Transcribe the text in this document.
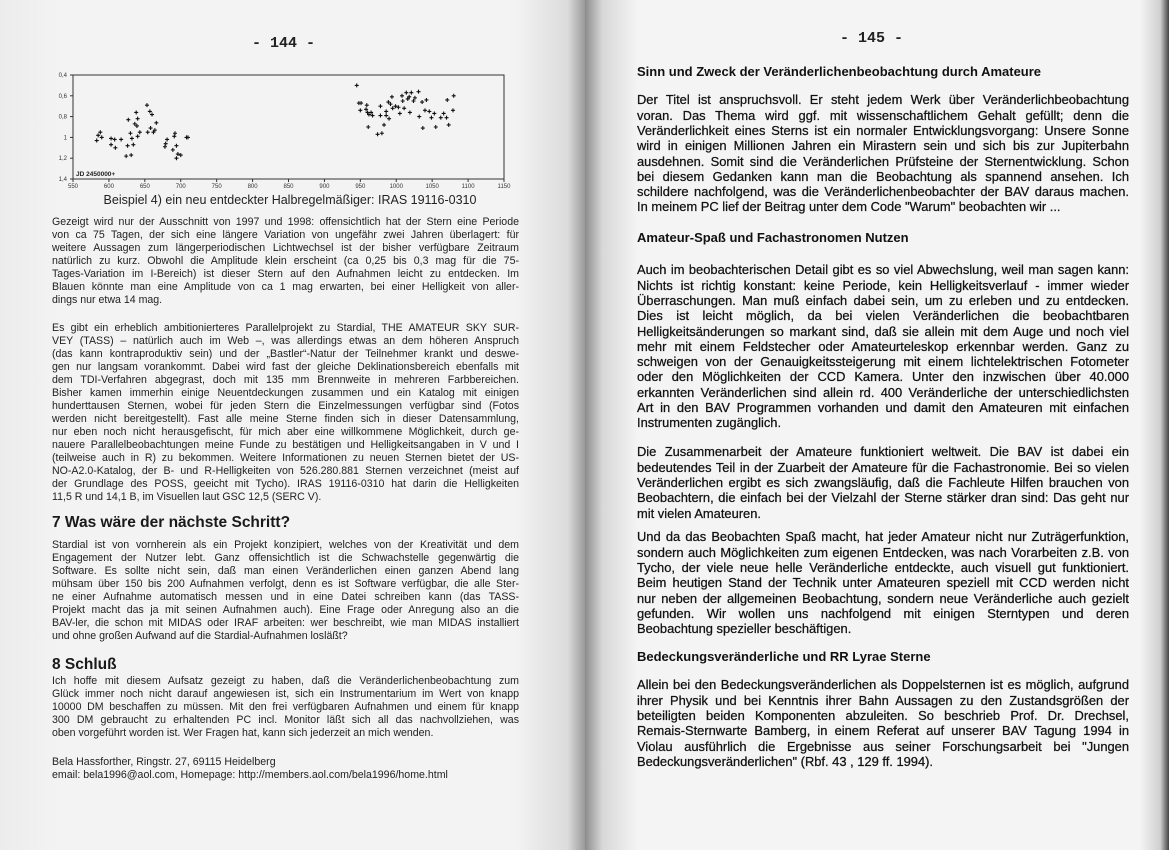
- 144 -	- 145 -
550	600	650	700	750	800	850	900	950	1000	1050	1100	1150
0,4
0,6
0,8
1
1,2
1,4
JD 2450000+
Beispiel 4) ein neu entdeckter Halbregelmäßiger: IRAS 19116-0310
Gezeigt wird nur der Ausschnitt von 1997 und 1998: offensichtlich hat der Stern eine Periode
von ca 75 Tagen, der sich eine längere Variation von ungefähr zwei Jahren überlagert: für
weitere Aussagen zum längerperiodischen Lichtwechsel ist der bisher verfügbare Zeitraum
natürlich zu kurz. Obwohl die Amplitude klein erscheint (ca 0,25 bis 0,3 mag für die 75-
Tages-Variation im I-Bereich) ist dieser Stern auf den Aufnahmen leicht zu entdecken. Im
Blauen könnte man eine Amplitude von ca 1 mag erwarten, bei einer Helligkeit von aller-
dings nur etwa 14 mag.
Es gibt ein erheblich ambitionierteres Parallelprojekt zu Stardial, THE AMATEUR SKY SUR-
VEY (TASS) – natürlich auch im Web –, was allerdings etwas an dem höheren Anspruch
(das kann kontraproduktiv sein) und der „Bastler“-Natur der Teilnehmer krankt und deswe-
gen nur langsam vorankommt. Dabei wird fast der gleiche Deklinationsbereich ebenfalls mit
dem TDI-Verfahren abgegrast, doch mit 135 mm Brennweite in mehreren Farbbereichen.
Bisher kamen immerhin einige Neuentdeckungen zusammen und ein Katalog mit einigen
hunderttausen Sternen, wobei für jeden Stern die Einzelmessungen verfügbar sind (Fotos
werden nicht bereitgestellt). Fast alle meine Sterne finden sich in dieser Datensammlung,
nur eben noch nicht herausgefischt, für mich aber eine willkommene Möglichkeit, durch ge-
nauere Parallelbeobachtungen meine Funde zu bestätigen und Helligkeitsangaben in V und I
(teilweise auch in R) zu bekommen. Weitere Informationen zu neuen Sternen bietet der US-
NO-A2.0-Katalog, der B- und R-Helligkeiten von 526.280.881 Sternen verzeichnet (meist auf
der Grundlage des POSS, geeicht mit Tycho). IRAS 19116-0310 hat darin die Helligkeiten
11,5 R und 14,1 B, im Visuellen laut GSC 12,5 (SERC V).
7 Was wäre der nächste Schritt?
Stardial ist von vornherein als ein Projekt konzipiert, welches von der Kreativität und dem
Engagement der Nutzer lebt. Ganz offensichtlich ist die Schwachstelle gegenwärtig die
Software. Es sollte nicht sein, daß man einen Veränderlichen einen ganzen Abend lang
mühsam über 150 bis 200 Aufnahmen verfolgt, denn es ist Software verfügbar, die alle Ster-
ne einer Aufnahme automatisch messen und in eine Datei schreiben kann (das TASS-
Projekt macht das ja mit seinen Aufnahmen auch). Eine Frage oder Anregung also an die
BAV-ler, die schon mit MIDAS oder IRAF arbeiten: wer beschreibt, wie man MIDAS installiert
und ohne großen Aufwand auf die Stardial-Aufnahmen losläßt?
8 Schluß
Ich hoffe mit diesem Aufsatz gezeigt zu haben, daß die Veränderlichenbeobachtung zum
Glück immer noch nicht darauf angewiesen ist, sich ein Instrumentarium im Wert von knapp
10000 DM beschaffen zu müssen. Mit den frei verfügbaren Aufnahmen und einem für knapp
300 DM gebraucht zu erhaltenden PC incl. Monitor läßt sich all das nachvollziehen, was
oben vorgeführt worden ist. Wer Fragen hat, kann sich jederzeit an mich wenden.
Bela Hassforther, Ringstr. 27, 69115 Heidelberg
email: bela1996@aol.com, Homepage: http://members.aol.com/bela1996/home.html
Sinn und Zweck der Veränderlichenbeobachtung durch Amateure
Der Titel ist anspruchsvoll. Er steht jedem Werk über Veränderlichbeobachtung
voran. Das Thema wird ggf. mit wissenschaftlichem Gehalt gefüllt; denn die
Veränderlichkeit eines Sterns ist ein normaler Entwicklungsvorgang: Unsere Sonne
wird in einigen Millionen Jahren ein Mirastern sein und sich bis zur Jupiterbahn
ausdehnen. Somit sind die Veränderlichen Prüfsteine der Sternentwicklung. Schon
bei diesem Gedanken kann man die Beobachtung als spannend ansehen. Ich
schildere nachfolgend, was die Veränderlichenbeobachter der BAV daraus machen.
In meinem PC lief der Beitrag unter dem Code "Warum" beobachten wir ...
Amateur-Spaß und Fachastronomen Nutzen
Auch im beobachterischen Detail gibt es so viel Abwechslung, weil man sagen kann:
Nichts ist richtig konstant: keine Periode, kein Helligkeitsverlauf - immer wieder
Überraschungen. Man muß einfach dabei sein, um zu erleben und zu entdecken.
Dies ist leicht möglich, da bei vielen Veränderlichen die beobachtbaren
Helligkeitsänderungen so markant sind, daß sie allein mit dem Auge und noch viel
mehr mit einem Feldstecher oder Amateurteleskop erkennbar werden. Ganz zu
schweigen von der Genauigkeitssteigerung mit einem lichtelektrischen Fotometer
oder den Möglichkeiten der CCD Kamera. Unter den inzwischen über 40.000
erkannten Veränderlichen sind allein rd. 400 Veränderliche der unterschiedlichsten
Art in den BAV Programmen vorhanden und damit den Amateuren mit einfachen
Instrumenten zugänglich.
Die Zusammenarbeit der Amateure funktioniert weltweit. Die BAV ist dabei ein
bedeutendes Teil in der Zuarbeit der Amateure für die Fachastronomie. Bei so vielen
Veränderlichen ergibt es sich zwangsläufig, daß die Fachleute Hilfen brauchen von
Beobachtern, die einfach bei der Vielzahl der Sterne stärker dran sind: Das geht nur
mit vielen Amateuren.
Und da das Beobachten Spaß macht, hat jeder Amateur nicht nur Zuträgerfunktion,
sondern auch Möglichkeiten zum eigenen Entdecken, was nach Vorarbeiten z.B. von
Tycho, der viele neue helle Veränderliche entdeckte, auch visuell gut funktioniert.
Beim heutigen Stand der Technik unter Amateuren speziell mit CCD werden nicht
nur neben der allgemeinen Beobachtung, sondern neue Veränderliche auch gezielt
gefunden. Wir wollen uns nachfolgend mit einigen Sterntypen und deren
Beobachtung spezieller beschäftigen.
Bedeckungsveränderliche und RR Lyrae Sterne
Allein bei den Bedeckungsveränderlichen als Doppelsternen ist es möglich, aufgrund
ihrer Physik und bei Kenntnis ihrer Bahn Aussagen zu den Zustandsgrößen der
beteiligten beiden Komponenten abzuleiten. So beschrieb Prof. Dr. Drechsel,
Remais-Sternwarte Bamberg, in einem Referat auf unserer BAV Tagung 1994 in
Violau ausführlich die Ergebnisse aus seiner Forschungsarbeit bei "Jungen
Bedeckungsveränderlichen" (Rbf. 43 , 129 ff. 1994).
